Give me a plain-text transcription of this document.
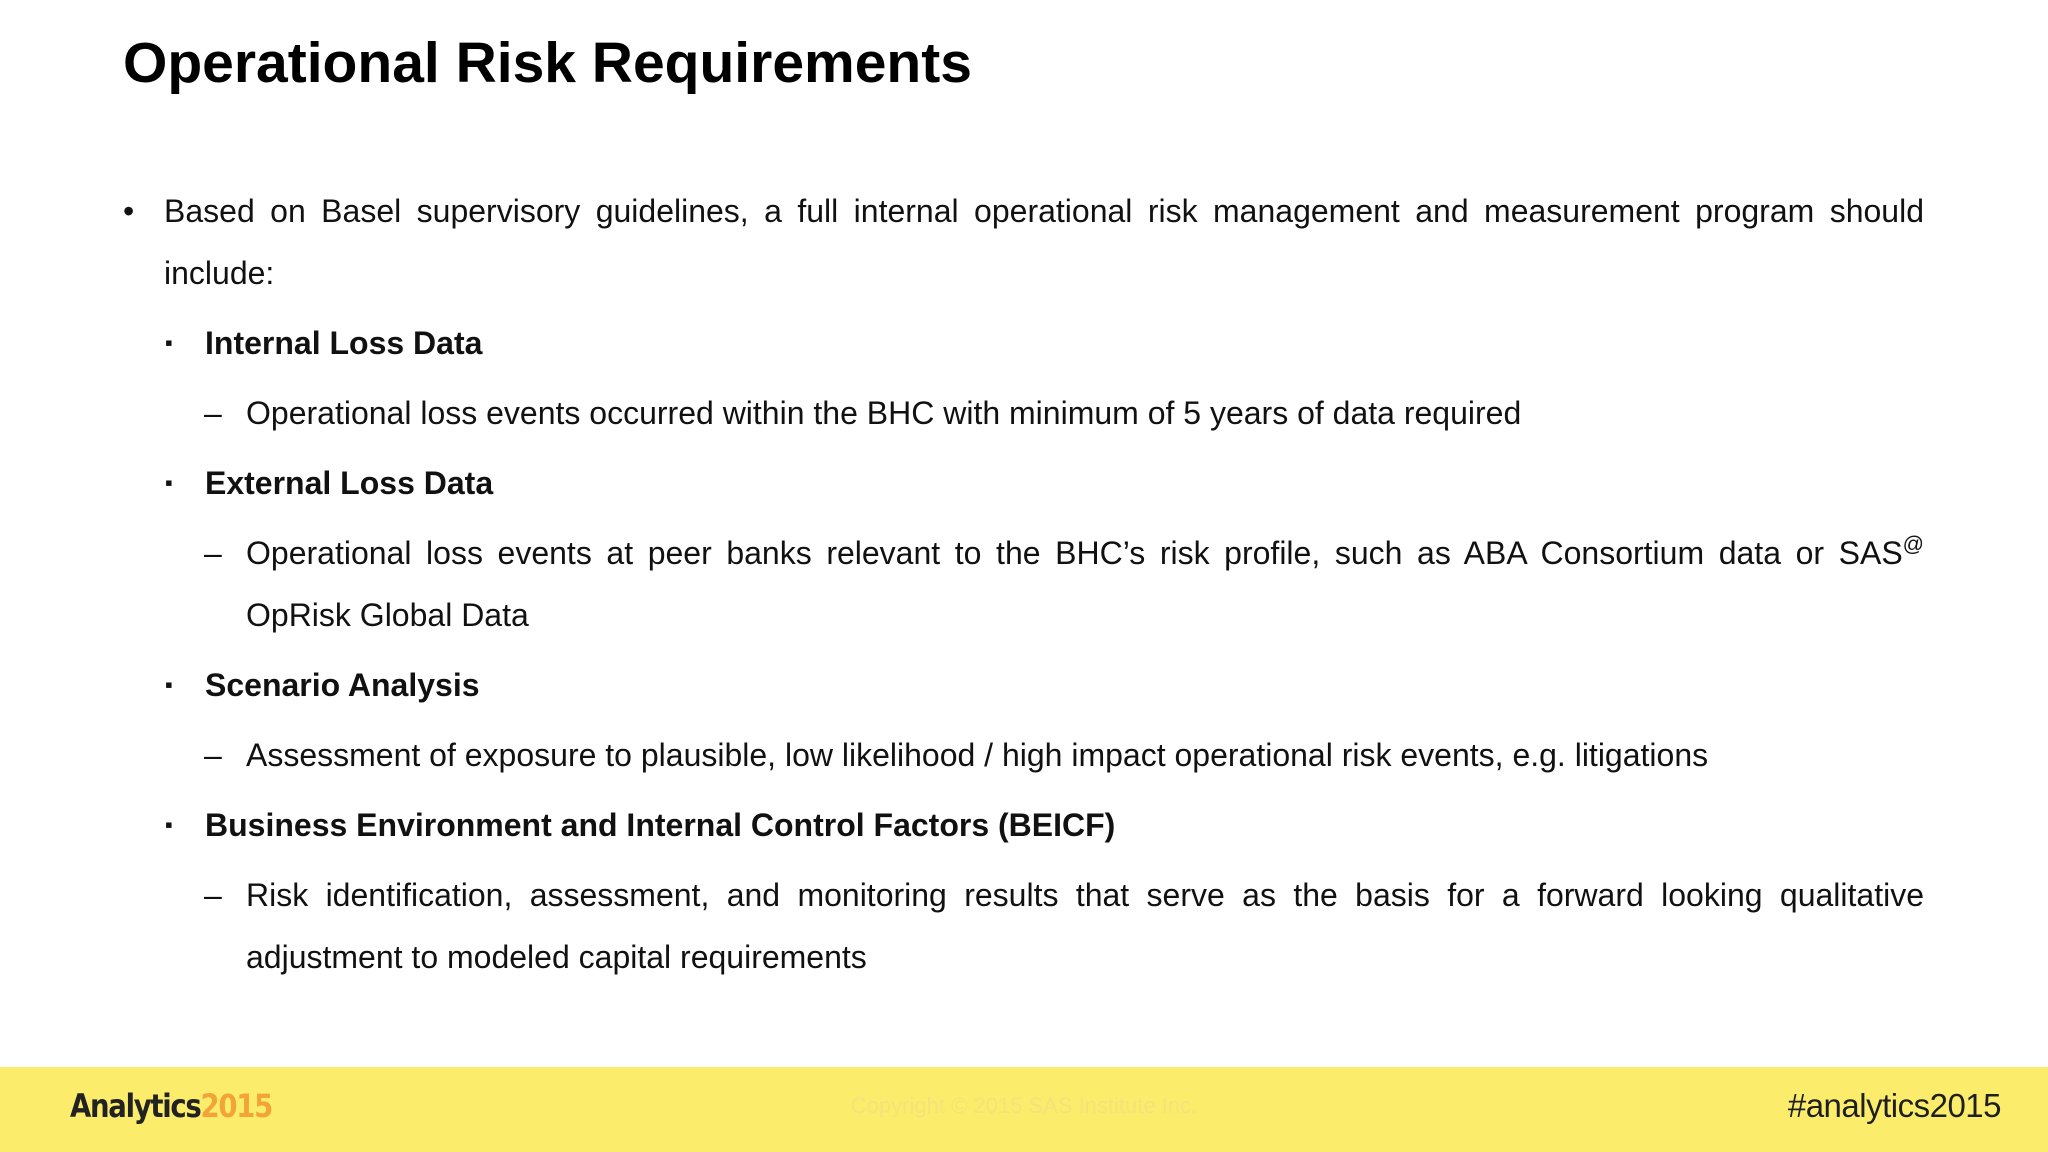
Operational Risk Requirements
• Based on Basel supervisory guidelines, a full internal operational risk management and measurement program should include:
▪ Internal Loss Data
– Operational loss events occurred within the BHC with minimum of 5 years of data required
▪ External Loss Data
– Operational loss events at peer banks relevant to the BHC’s risk profile, such as ABA Consortium data or SAS@ OpRisk Global Data
▪ Scenario Analysis
– Assessment of exposure to plausible, low likelihood / high impact operational risk events, e.g. litigations
▪ Business Environment and Internal Control Factors (BEICF)
– Risk identification, assessment, and monitoring results that serve as the basis for a forward looking qualitative adjustment to modeled capital requirements
Analytics2015	Copyright © 2015 SAS Institute Inc.	#analytics2015
